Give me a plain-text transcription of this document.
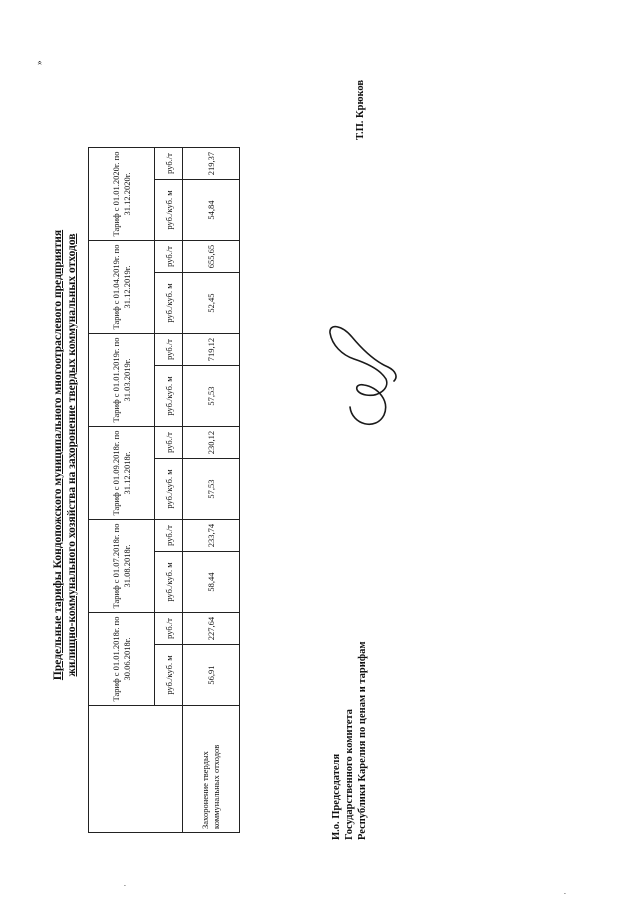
Предельные тарифы Кондопожского муниципального многоотраслевого предприятия жилищно-коммунального хозяйства на захоронение твердых коммунальных отходов
»
	Тариф с 01.01.2018г. по 30.06.2018г.		Тариф с 01.07.2018г. по 31.08.2018г.		Тариф с 01.09.2018г. по 31.12.2018г.		Тариф с 01.01.2019г. по 31.03.2019г.		Тариф с 01.04.2019г. по 31.12.2019г.		Тариф с 01.01.2020г. по 31.12.2020г.	
	руб./куб. м	руб./т	руб./куб. м	руб./т	руб./куб. м	руб./т	руб./куб. м	руб./т	руб./куб. м	руб./т	руб./куб. м	руб./т
Захоронение твердых коммунальных отходов	56,91	227,64	58,44	233,74	57,53	230,12	57,53	719,12	52,45	655,65	54,84	219,37
И.о. Председателя Государственного комитета Республики Карелия по ценам и тарифам
Т.П. Крюков
·
·
